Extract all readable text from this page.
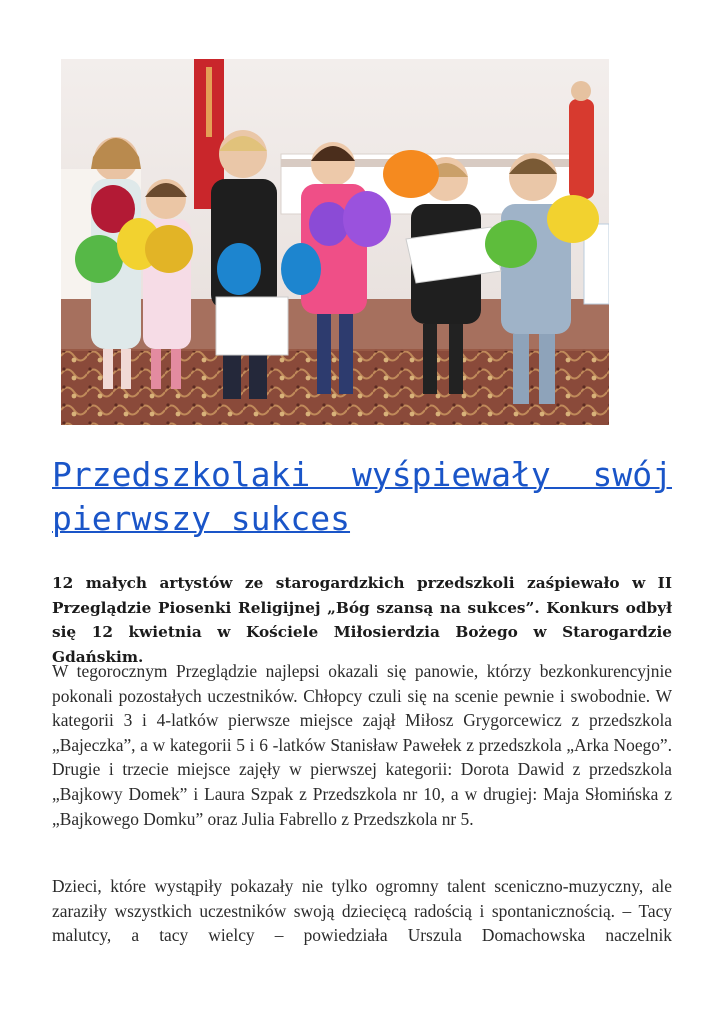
Przedszkolaki wyśpiewały swój pierwszy sukces

12 małych artystów ze starogardzkich przedszkoli zaśpiewało w II Przeglądzie Piosenki Religijnej „Bóg szansą na sukces”. Konkurs odbył się 12 kwietnia w Kościele Miłosierdzia Bożego w Starogardzie Gdańskim.

W tegorocznym Przeglądzie najlepsi okazali się panowie, którzy bezkonkurencyjnie pokonali pozostałych uczestników. Chłopcy czuli się na scenie pewnie i swobodnie. W kategorii 3 i 4-latków pierwsze miejsce zajął Miłosz Grygorcewicz z przedszkola „Bajeczka”, a w kategorii 5 i 6 -latków Stanisław Pawełek z przedszkola „Arka Noego”. Drugie i trzecie miejsce zajęły w pierwszej kategorii: Dorota Dawid z przedszkola „Bajkowy Domek” i Laura Szpak z Przedszkola nr 10, a w drugiej: Maja Słomińska z „Bajkowego Domku” oraz Julia Fabrello z Przedszkola nr 5.

Dzieci, które wystąpiły pokazały nie tylko ogromny talent sceniczno-muzyczny, ale zaraziły wszystkich uczestników swoją dziecięcą radością i spontanicznością. – Tacy malutcy, a tacy wielcy – powiedziała Urszula Domachowska naczelnik
